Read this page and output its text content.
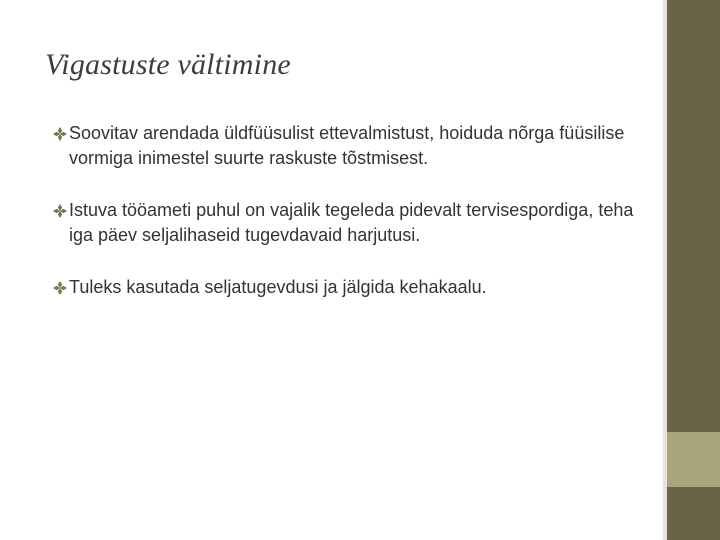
Vigastuste vältimine
Soovitav arendada üldfüüsulist ettevalmistust, hoiduda nõrga füüsilise vormiga inimestel suurte raskuste tõstmisest.
Istuva tööameti puhul on vajalik tegeleda pidevalt tervisespordiga, teha iga päev seljalihaseid tugevdavaid harjutusi.
Tuleks kasutada seljatugevdusi ja jälgida kehakaalu.
